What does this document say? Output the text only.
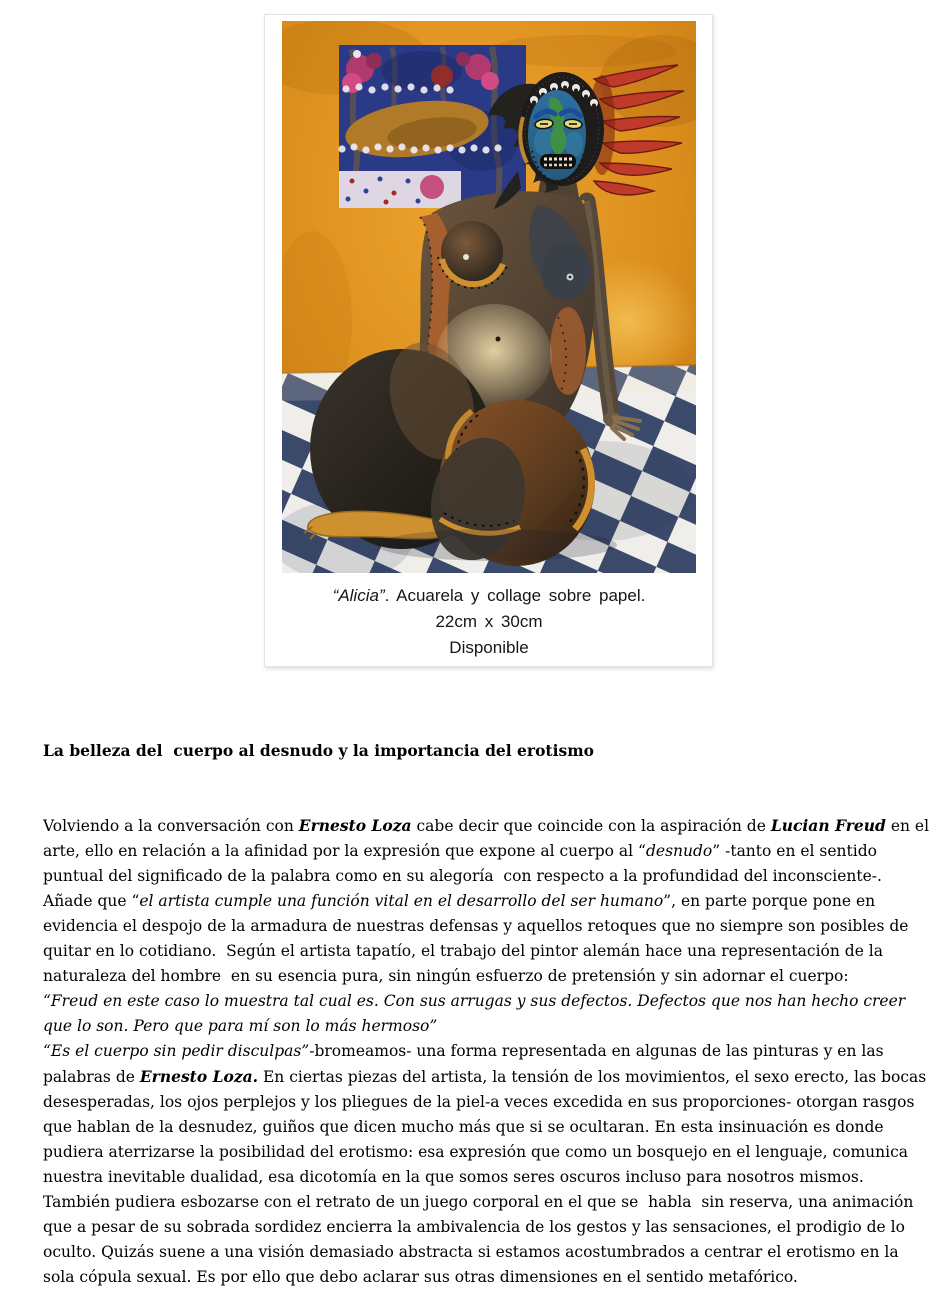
“Alicia”. Acuarela y collage sobre papel.
22cm x 30cm
Disponible

La belleza del  cuerpo al desnudo y la importancia del erotismo

Volviendo a la conversación con Ernesto Loza cabe decir que coincide con la aspiración de Lucian Freud en el arte, ello en relación a la afinidad por la expresión que expone al cuerpo al “desnudo” -tanto en el sentido puntual del significado de la palabra como en su alegoría  con respecto a la profundidad del inconsciente-. Añade que “el artista cumple una función vital en el desarrollo del ser humano”, en parte porque pone en evidencia el despojo de la armadura de nuestras defensas y aquellos retoques que no siempre son posibles de quitar en lo cotidiano.  Según el artista tapatío, el trabajo del pintor alemán hace una representación de la naturaleza del hombre  en su esencia pura, sin ningún esfuerzo de pretensión y sin adornar el cuerpo:

“Freud en este caso lo muestra tal cual es. Con sus arrugas y sus defectos. Defectos que nos han hecho creer que lo son. Pero que para mí son lo más hermoso”

“Es el cuerpo sin pedir disculpas”-bromeamos- una forma representada en algunas de las pinturas y en las palabras de Ernesto Loza. En ciertas piezas del artista, la tensión de los movimientos, el sexo erecto, las bocas desesperadas, los ojos perplejos y los pliegues de la piel-a veces excedida en sus proporciones- otorgan rasgos que hablan de la desnudez, guiños que dicen mucho más que si se ocultaran. En esta insinuación es donde pudiera aterrizarse la posibilidad del erotismo: esa expresión que como un bosquejo en el lenguaje, comunica nuestra inevitable dualidad, esa dicotomía en la que somos seres oscuros incluso para nosotros mismos. También pudiera esbozarse con el retrato de un juego corporal en el que se  habla  sin reserva, una animación que a pesar de su sobrada sordidez encierra la ambivalencia de los gestos y las sensaciones, el prodigio de lo oculto. Quizás suene a una visión demasiado abstracta si estamos acostumbrados a centrar el erotismo en la sola cópula sexual. Es por ello que debo aclarar sus otras dimensiones en el sentido metafórico.
